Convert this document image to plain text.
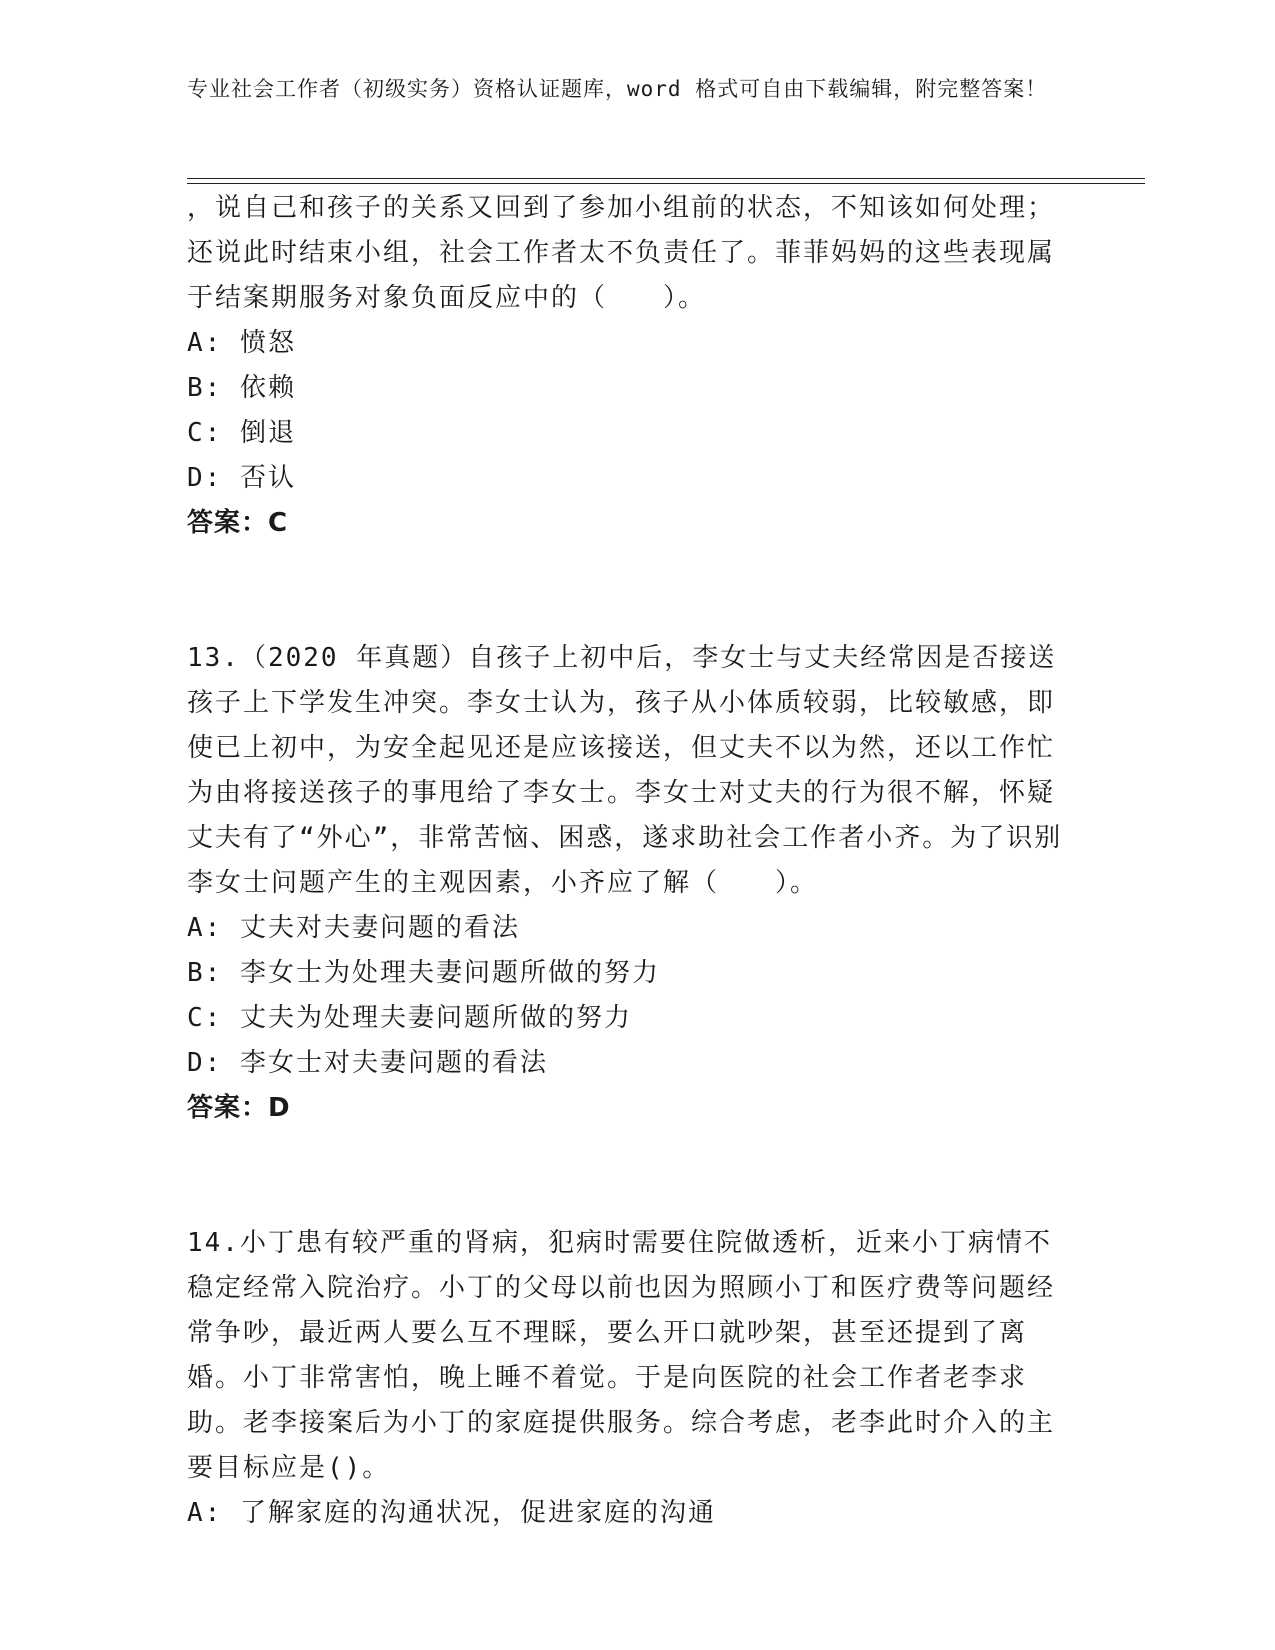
专业社会工作者（初级实务）资格认证题库，word 格式可自由下载编辑，附完整答案！

，说自己和孩子的关系又回到了参加小组前的状态，不知该如何处理；还说此时结束小组，社会工作者太不负责任了。菲菲妈妈的这些表现属于结案期服务对象负面反应中的（　　）。

A: 愤怒

B: 依赖

C: 倒退

D: 否认

答案：C

13.（2020 年真题）自孩子上初中后，李女士与丈夫经常因是否接送孩子上下学发生冲突。李女士认为，孩子从小体质较弱，比较敏感，即使已上初中，为安全起见还是应该接送，但丈夫不以为然，还以工作忙为由将接送孩子的事甩给了李女士。李女士对丈夫的行为很不解，怀疑丈夫有了“外心”，非常苦恼、困惑，遂求助社会工作者小齐。为了识别李女士问题产生的主观因素，小齐应了解（　　）。

A: 丈夫对夫妻问题的看法

B: 李女士为处理夫妻问题所做的努力

C: 丈夫为处理夫妻问题所做的努力

D: 李女士对夫妻问题的看法

答案：D

14.小丁患有较严重的肾病，犯病时需要住院做透析，近来小丁病情不稳定经常入院治疗。小丁的父母以前也因为照顾小丁和医疗费等问题经常争吵，最近两人要么互不理睬，要么开口就吵架，甚至还提到了离婚。小丁非常害怕，晚上睡不着觉。于是向医院的社会工作者老李求助。老李接案后为小丁的家庭提供服务。综合考虑，老李此时介入的主要目标应是()。

A: 了解家庭的沟通状况，促进家庭的沟通
